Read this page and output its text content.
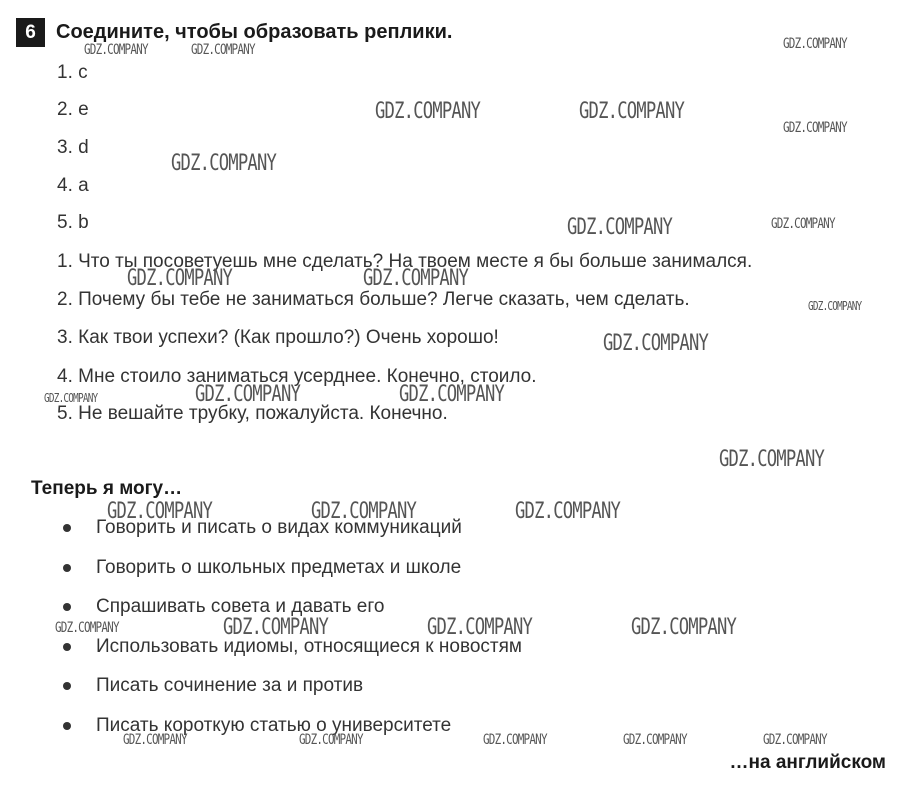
6 Соедините, чтобы образовать реплики.
1. c
2. e
3. d
4. a
5. b
1. Что ты посоветуешь мне сделать? На твоем месте я бы больше занимался.
2. Почему бы тебе не заниматься больше? Легче сказать, чем сделать.
3. Как твои успехи? (Как прошло?) Очень хорошо!
4. Мне стоило заниматься усерднее. Конечно, стоило.
5. Не вешайте трубку, пожалуйста. Конечно.
Теперь я могу…
Говорить и писать о видах коммуникаций
Говорить о школьных предметах и школе
Спрашивать совета и давать его
Использовать идиомы, относящиеся к новостям
Писать сочинение за и против
Писать короткую статью о университете
…на английском
GDZ.COMPANY	GDZ.COMPANY	GDZ.COMPANY
GDZ.COMPANY	GDZ.COMPANY
GDZ.COMPANY
GDZ.COMPANY
GDZ.COMPANY	GDZ.COMPANY
GDZ.COMPANY	GDZ.COMPANY
GDZ.COMPANY
GDZ.COMPANY
GDZ.COMPANY	GDZ.COMPANY	GDZ.COMPANY
GDZ.COMPANY
GDZ.COMPANY	GDZ.COMPANY	GDZ.COMPANY
GDZ.COMPANY	GDZ.COMPANY	GDZ.COMPANY	GDZ.COMPANY
GDZ.COMPANY	GDZ.COMPANY	GDZ.COMPANY	GDZ.COMPANY	GDZ.COMPANY
